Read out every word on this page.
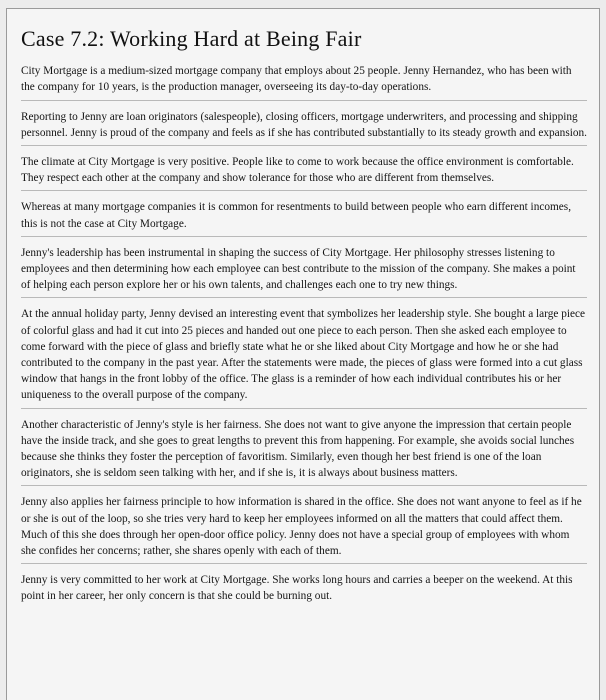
Case 7.2: Working Hard at Being Fair

City Mortgage is a medium-sized mortgage company that employs about 25 people. Jenny Hernandez, who has been with the company for 10 years, is the production manager, overseeing its day-to-day operations.

Reporting to Jenny are loan originators (salespeople), closing officers, mortgage underwriters, and processing and shipping personnel. Jenny is proud of the company and feels as if she has contributed substantially to its steady growth and expansion.

The climate at City Mortgage is very positive. People like to come to work because the office environment is comfortable. They respect each other at the company and show tolerance for those who are different from themselves.

Whereas at many mortgage companies it is common for resentments to build between people who earn different incomes, this is not the case at City Mortgage.

Jenny's leadership has been instrumental in shaping the success of City Mortgage. Her philosophy stresses listening to employees and then determining how each employee can best contribute to the mission of the company. She makes a point of helping each person explore her or his own talents, and challenges each one to try new things.

At the annual holiday party, Jenny devised an interesting event that symbolizes her leadership style. She bought a large piece of colorful glass and had it cut into 25 pieces and handed out one piece to each person. Then she asked each employee to come forward with the piece of glass and briefly state what he or she liked about City Mortgage and how he or she had contributed to the company in the past year. After the statements were made, the pieces of glass were formed into a cut glass window that hangs in the front lobby of the office. The glass is a reminder of how each individual contributes his or her uniqueness to the overall purpose of the company.

Another characteristic of Jenny's style is her fairness. She does not want to give anyone the impression that certain people have the inside track, and she goes to great lengths to prevent this from happening. For example, she avoids social lunches because she thinks they foster the perception of favoritism. Similarly, even though her best friend is one of the loan originators, she is seldom seen talking with her, and if she is, it is always about business matters.

Jenny also applies her fairness principle to how information is shared in the office. She does not want anyone to feel as if he or she is out of the loop, so she tries very hard to keep her employees informed on all the matters that could affect them. Much of this she does through her open-door office policy. Jenny does not have a special group of employees with whom she confides her concerns; rather, she shares openly with each of them.

Jenny is very committed to her work at City Mortgage. She works long hours and carries a beeper on the weekend. At this point in her career, her only concern is that she could be burning out.
